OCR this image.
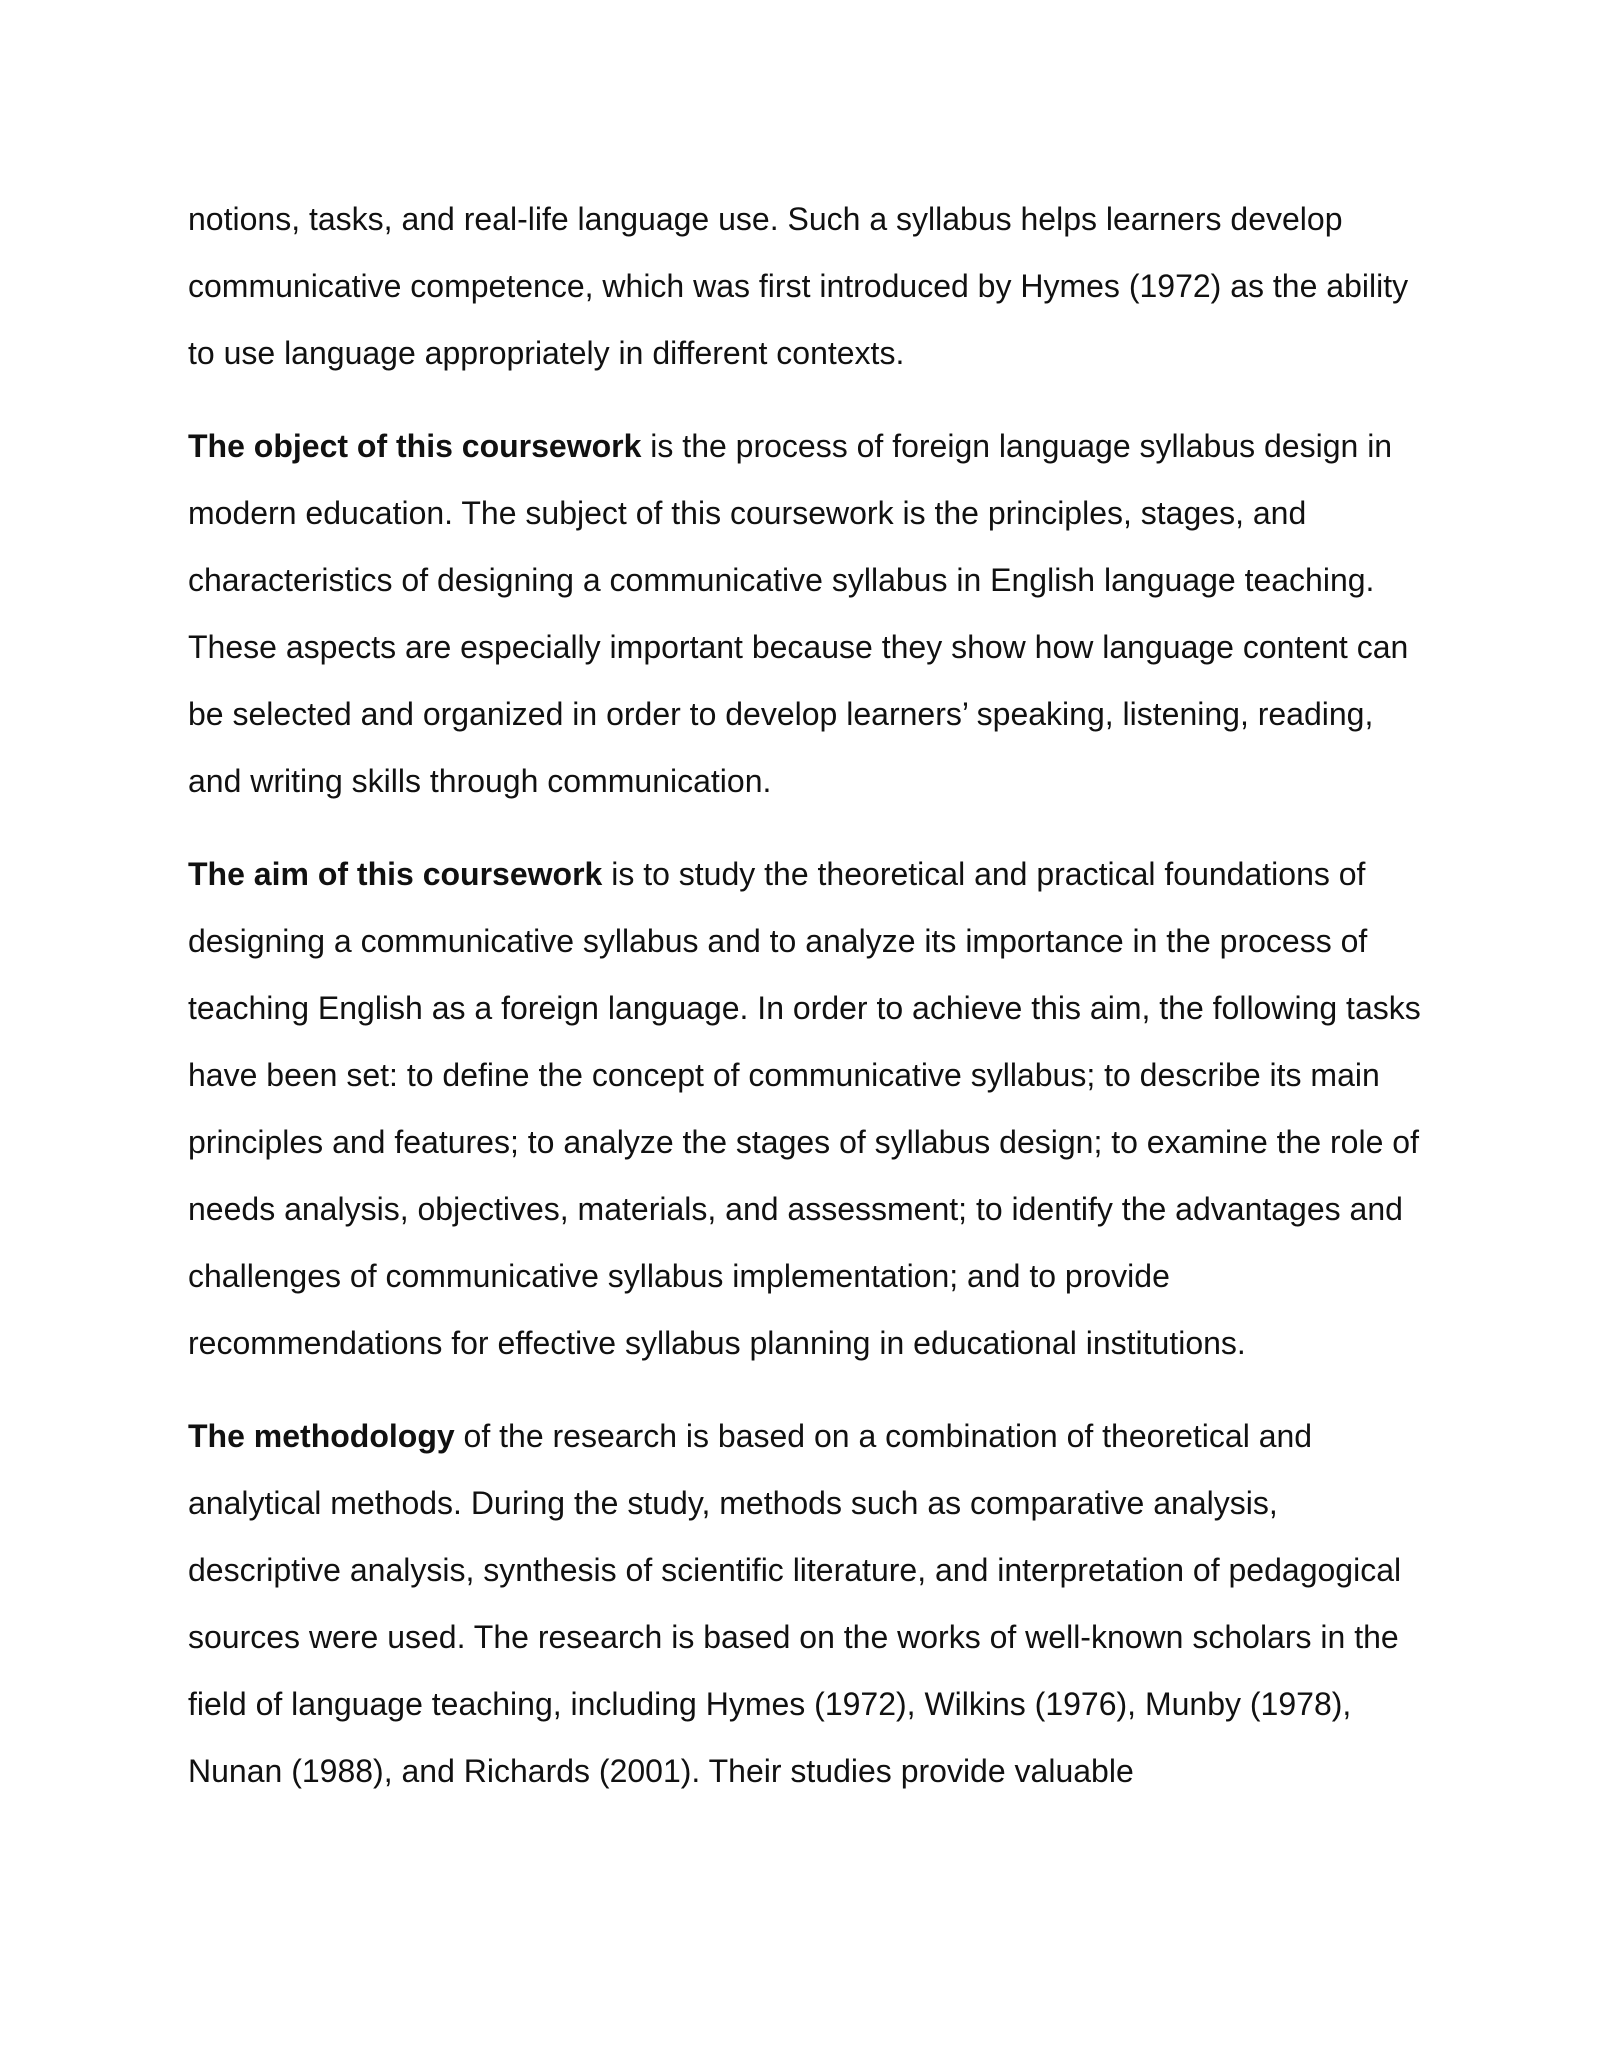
notions, tasks, and real-life language use. Such a syllabus helps learners develop communicative competence, which was first introduced by Hymes (1972) as the ability to use language appropriately in different contexts.

The object of this coursework is the process of foreign language syllabus design in modern education. The subject of this coursework is the principles, stages, and characteristics of designing a communicative syllabus in English language teaching. These aspects are especially important because they show how language content can be selected and organized in order to develop learners’ speaking, listening, reading, and writing skills through communication.

The aim of this coursework is to study the theoretical and practical foundations of designing a communicative syllabus and to analyze its importance in the process of teaching English as a foreign language. In order to achieve this aim, the following tasks have been set: to define the concept of communicative syllabus; to describe its main principles and features; to analyze the stages of syllabus design; to examine the role of needs analysis, objectives, materials, and assessment; to identify the advantages and challenges of communicative syllabus implementation; and to provide recommendations for effective syllabus planning in educational institutions.

The methodology of the research is based on a combination of theoretical and analytical methods. During the study, methods such as comparative analysis, descriptive analysis, synthesis of scientific literature, and interpretation of pedagogical sources were used. The research is based on the works of well-known scholars in the field of language teaching, including Hymes (1972), Wilkins (1976), Munby (1978), Nunan (1988), and Richards (2001). Their studies provide valuable
